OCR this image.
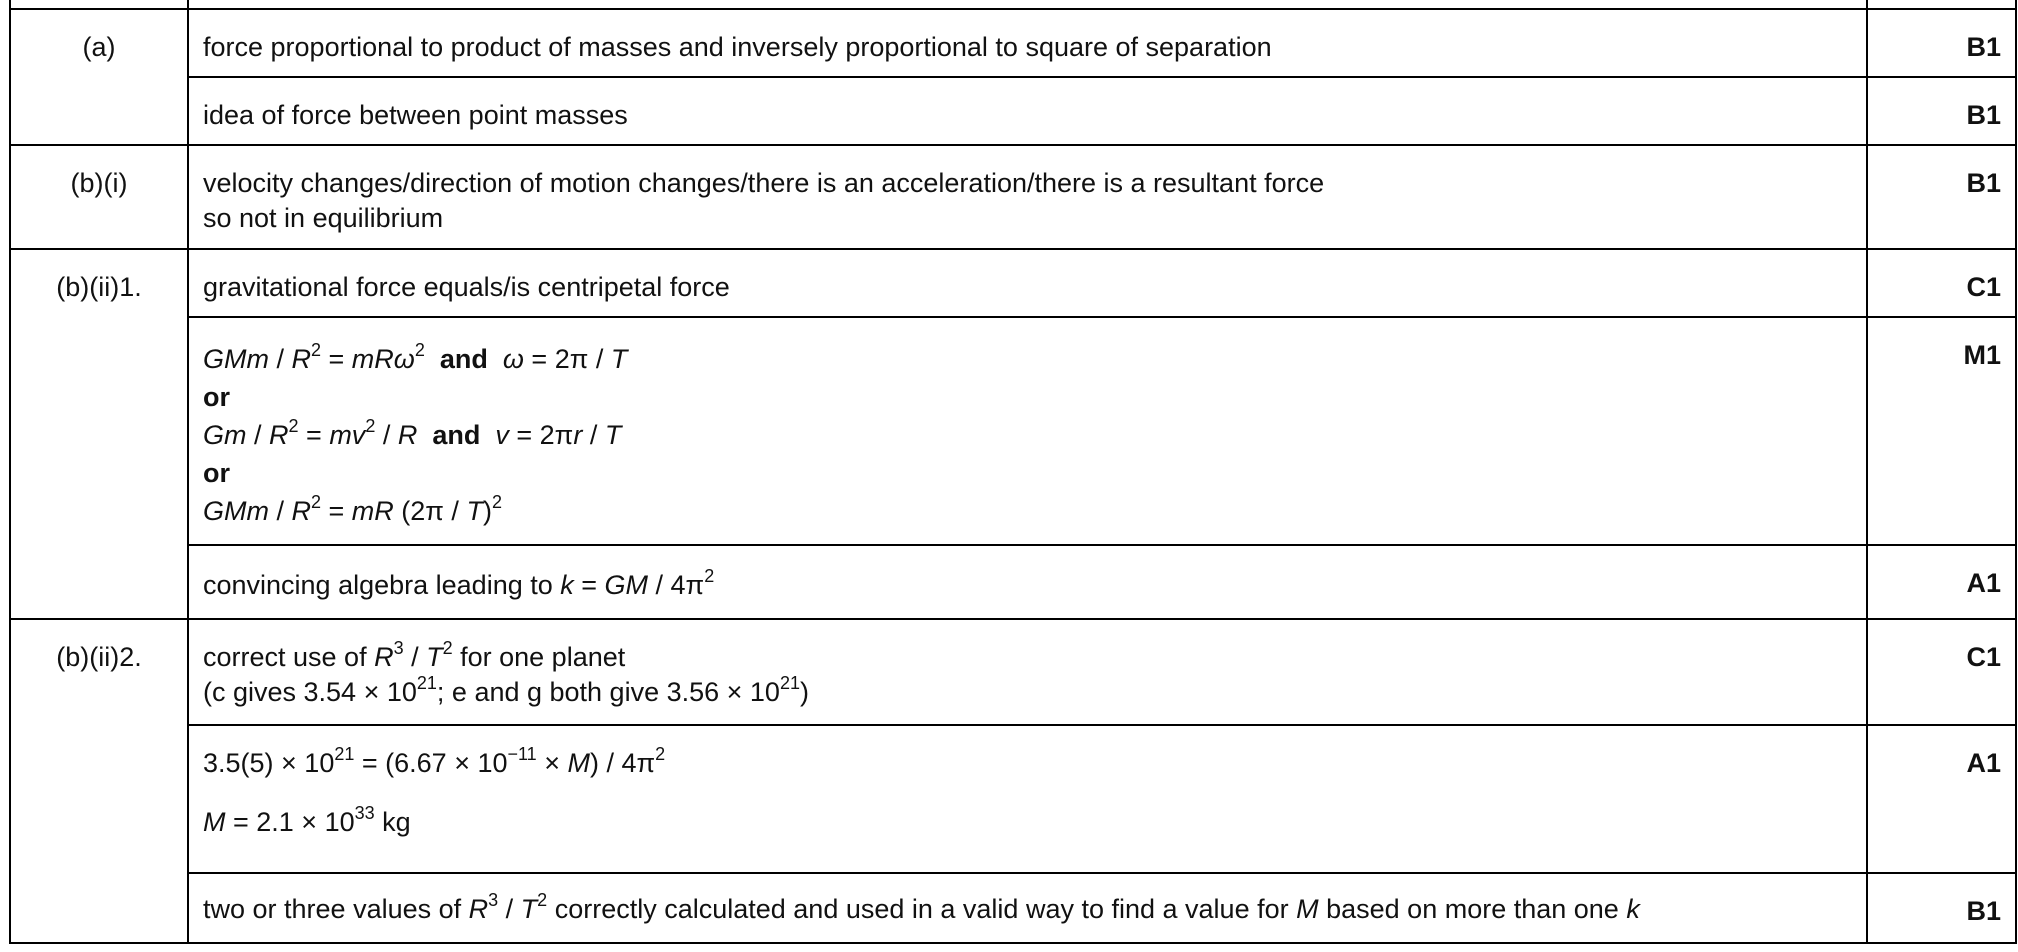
(a)	force proportional to product of masses and inversely proportional to square of separation	B1
	idea of force between point masses	B1
(b)(i)	velocity changes/direction of motion changes/there is an acceleration/there is a resultant force
so not in equilibrium	B1
(b)(ii)1.	gravitational force equals/is centripetal force	C1

	GMm / $R^2 = mR\omega^2$ and ω = 2π / T
or
$Gm / R^2 = mv^2 / R$ and v = 2πr / T
or
GMm / $R^2$ = mR (2π / T)$^2$	M1
	convincing algebra leading to k = GM / $4\pi^2$	A1
(b)(ii)2.	correct use of $R^3 / T^2$ for one planet
(c gives $3.54 \times 10^{21}$; e and g both give $3.56 \times 10^{21}$)	C1

	$3.5(5) \times 10^{21} = (6.67 \times 10^{-11} \times M) / 4\pi^2$
$M = 2.1 \times 10^{33}$ kg	A1
	two or three values of $R^3 / T^2$ correctly calculated and used in a valid way to find a value for M based on more than one k	B1
